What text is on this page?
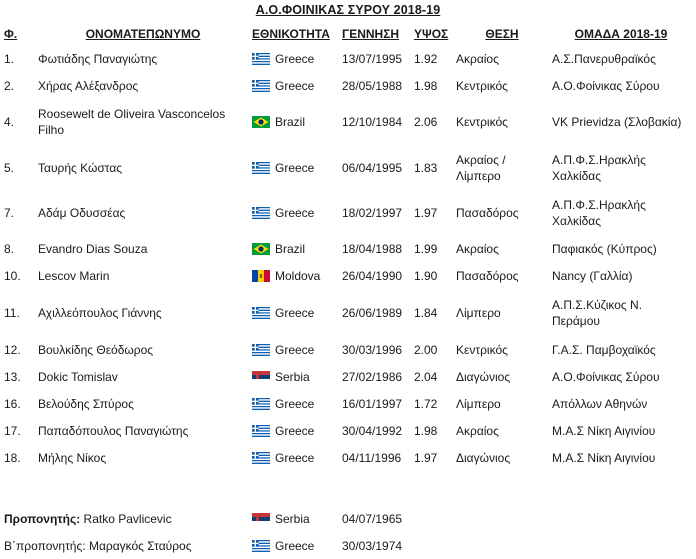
Α.Ο.ΦΟΙΝΙΚΑΣ ΣΥΡΟΥ 2018-19
Φ.	ΟΝΟΜΑΤΕΠΩΝΥΜΟ	ΕΘΝΙΚΟΤΗΤΑ	ΓΕΝΝΗΣΗ	ΥΨΟΣ	ΘΕΣΗ	ΟΜΑΔΑ 2018-19
1.	Φωτιάδης Παναγιώτης	Greece	13/07/1995	1.92	Ακραίος	Α.Σ.Πανερυθραϊκός
2.	Χήρας Αλέξανδρος	Greece	28/05/1988	1.98	Κεντρικός	Α.Ο.Φοίνικας Σύρου
4.	Roosewelt de Oliveira Vasconcelos Filho	Brazil	12/10/1984	2.06	Κεντρικός	VK Prievidza (Σλοβακία)
5.	Ταυρής Κώστας	Greece	06/04/1995	1.83	Ακραίος / Λίμπερο	Α.Π.Φ.Σ.Ηρακλής Χαλκίδας
7.	Αδάμ Οδυσσέας	Greece	18/02/1997	1.97	Πασαδόρος	Α.Π.Φ.Σ.Ηρακλής Χαλκίδας
8.	Evandro Dias Souza	Brazil	18/04/1988	1.99	Ακραίος	Παφιακός (Κύπρος)
10.	Lescov Marin	Moldova	26/04/1990	1.90	Πασαδόρος	Nancy (Γαλλία)
11.	Αχιλλεόπουλος Γιάννης	Greece	26/06/1989	1.84	Λίμπερο	Α.Π.Σ.Κύζικος Ν. Περάμου
12.	Βουλκίδης Θεόδωρος	Greece	30/03/1996	2.00	Κεντρικός	Γ.Α.Σ. Παμβοχαϊκός
13.	Dokic Tomislav	Serbia	27/02/1986	2.04	Διαγώνιος	Α.Ο.Φοίνικας Σύρου
16.	Βελούδης Σπύρος	Greece	16/01/1997	1.72	Λίμπερο	Απόλλων Αθηνών
17.	Παπαδόπουλος Παναγιώτης	Greece	30/04/1992	1.98	Ακραίος	Μ.Α.Σ Νίκη Αιγινίου
18.	Μήλης Νίκος	Greece	04/11/1996	1.97	Διαγώνιος	Μ.Α.Σ Νίκη Αιγινίου
Προπονητής: Ratko Pavlicevic	Serbia	04/07/1965
Β΄προπονητής: Μαραγκός Σταύρος	Greece	30/03/1974
